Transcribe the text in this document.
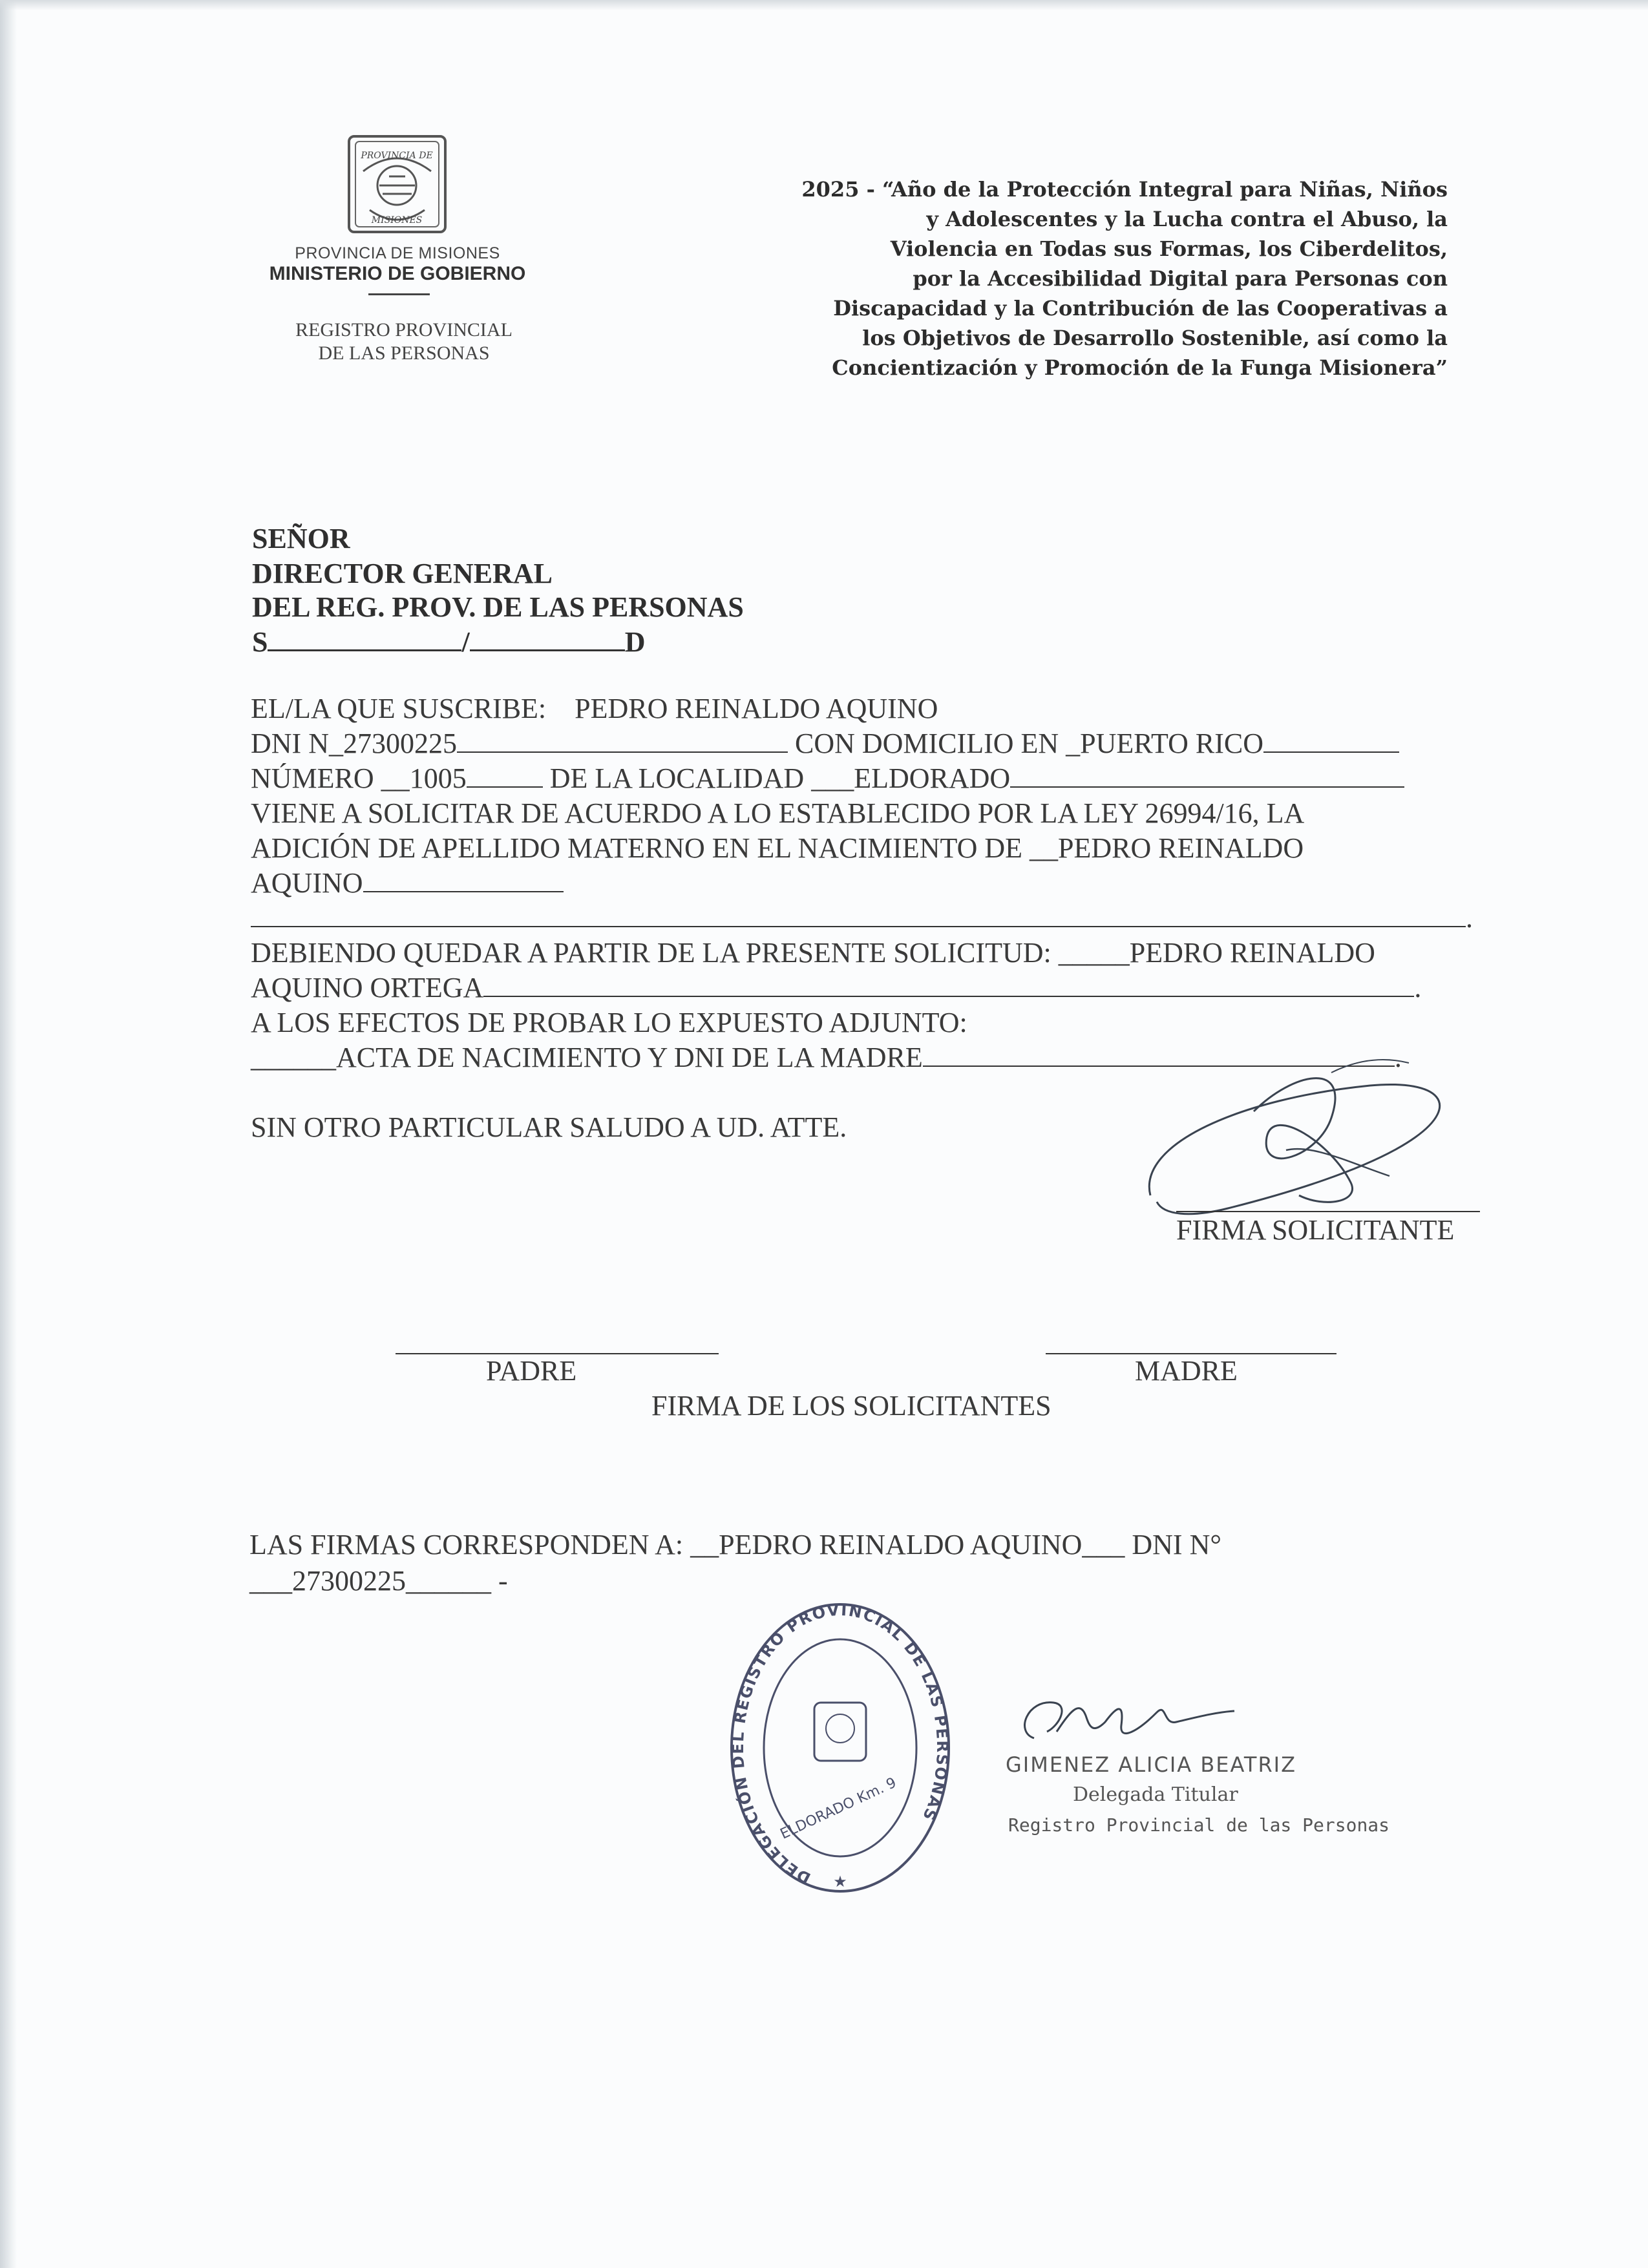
PROVINCIA DE
MISIONES
PROVINCIA DE MISIONES
MINISTERIO DE GOBIERNO
REGISTRO PROVINCIAL
DE LAS PERSONAS
2025 - “Año de la Protección Integral para Niñas, Niños
y Adolescentes y la Lucha contra el Abuso, la
Violencia en Todas sus Formas, los Ciberdelitos,
por la Accesibilidad Digital para Personas con
Discapacidad y la Contribución de las Cooperativas a
los Objetivos de Desarrollo Sostenible, así como la
Concientización y Promoción de la Funga Misionera”
SEÑOR
DIRECTOR GENERAL
DEL REG. PROV. DE LAS PERSONAS
S	/	D
EL/LA QUE SUSCRIBE: PEDRO REINALDO AQUINO
DNI N_27300225	CON DOMICILIO EN _PUERTO RICO
NÚMERO __1005	DE LA LOCALIDAD ___ELDORADO
VIENE A SOLICITAR DE ACUERDO A LO ESTABLECIDO POR LA LEY 26994/16, LA
ADICIÓN DE APELLIDO MATERNO EN EL NACIMIENTO DE __PEDRO REINALDO
AQUINO
.
DEBIENDO QUEDAR A PARTIR DE LA PRESENTE SOLICITUD: _____PEDRO REINALDO
AQUINO ORTEGA	.
A LOS EFECTOS DE PROBAR LO EXPUESTO ADJUNTO:
______ACTA DE NACIMIENTO Y DNI DE LA MADRE	.
SIN OTRO PARTICULAR SALUDO A UD. ATTE.
FIRMA SOLICITANTE
PADRE	MADRE
FIRMA DE LOS SOLICITANTES
LAS FIRMAS CORRESPONDEN A: __PEDRO REINALDO AQUINO___ DNI N°
___27300225______ -
DELEGACIÓN DEL REGISTRO PROVINCIAL DE LAS PERSONAS
ELDORADO Km. 9
★
GIMENEZ ALICIA BEATRIZ
Delegada Titular
Registro Provincial de las Personas
